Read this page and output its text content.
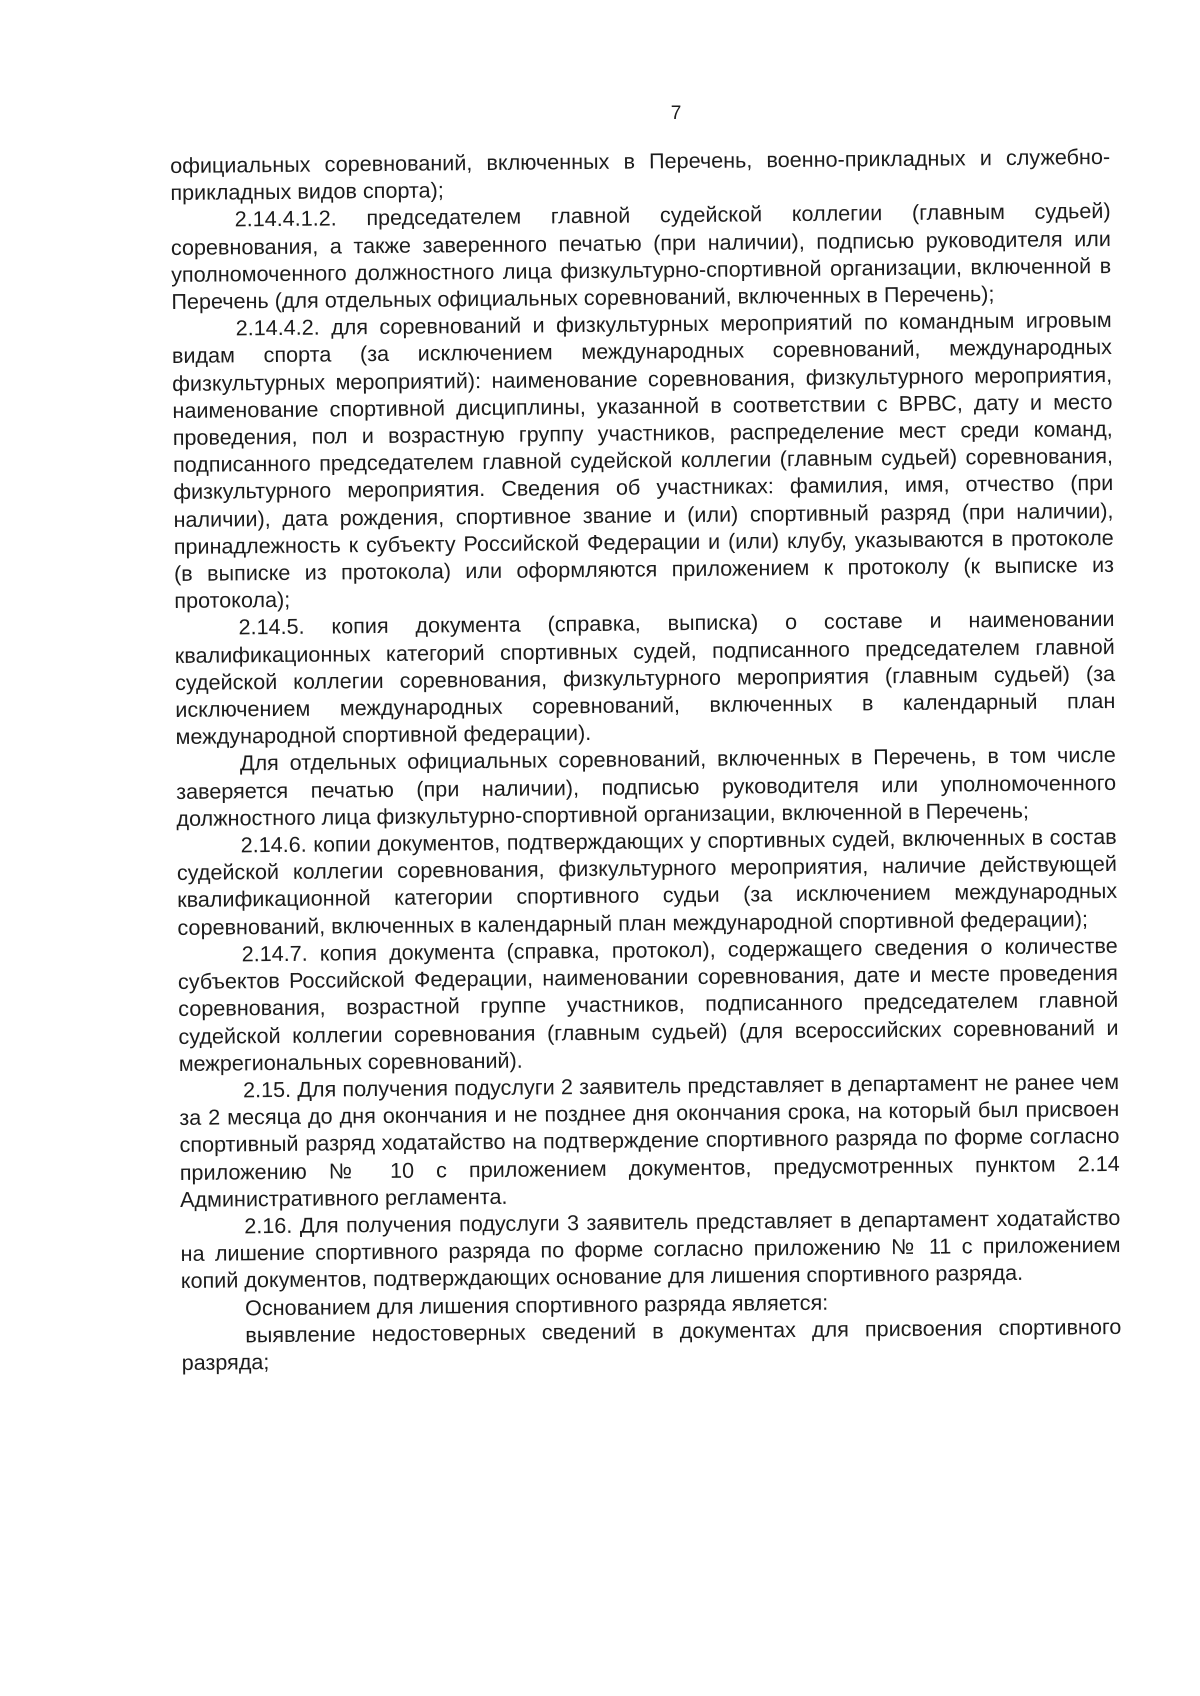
7

официальных соревнований, включенных в Перечень, военно-прикладных и служебно-прикладных видов спорта);

2.14.4.1.2. председателем главной судейской коллегии (главным судьей) соревнования, а также заверенного печатью (при наличии), подписью руководителя или уполномоченного должностного лица физкультурно-спортивной организации, включенной в Перечень (для отдельных официальных соревнований, включенных в Перечень);

2.14.4.2. для соревнований и физкультурных мероприятий по командным игровым видам спорта (за исключением международных соревнований, международных физкультурных мероприятий): наименование соревнования, физкультурного мероприятия, наименование спортивной дисциплины, указанной в соответствии с ВРВС, дату и место проведения, пол и возрастную группу участников, распределение мест среди команд, подписанного председателем главной судейской коллегии (главным судьей) соревнования, физкультурного мероприятия. Сведения об участниках: фамилия, имя, отчество (при наличии), дата рождения, спортивное звание и (или) спортивный разряд (при наличии), принадлежность к субъекту Российской Федерации и (или) клубу, указываются в протоколе (в выписке из протокола) или оформляются приложением к протоколу (к выписке из протокола);

2.14.5. копия документа (справка, выписка) о составе и наименовании квалификационных категорий спортивных судей, подписанного председателем главной судейской коллегии соревнования, физкультурного мероприятия (главным судьей) (за исключением международных соревнований, включенных в календарный план международной спортивной федерации).

Для отдельных официальных соревнований, включенных в Перечень, в том числе заверяется печатью (при наличии), подписью руководителя или уполномоченного должностного лица физкультурно-спортивной организации, включенной в Перечень;

2.14.6. копии документов, подтверждающих у спортивных судей, включенных в состав судейской коллегии соревнования, физкультурного мероприятия, наличие действующей квалификационной категории спортивного судьи (за исключением международных соревнований, включенных в календарный план международной спортивной федерации);

2.14.7. копия документа (справка, протокол), содержащего сведения о количестве субъектов Российской Федерации, наименовании соревнования, дате и месте проведения соревнования, возрастной группе участников, подписанного председателем главной судейской коллегии соревнования (главным судьей) (для всероссийских соревнований и межрегиональных соревнований).

2.15. Для получения подуслуги 2 заявитель представляет в департамент не ранее чем за 2 месяца до дня окончания и не позднее дня окончания срока, на который был присвоен спортивный разряд ходатайство на подтверждение спортивного разряда по форме согласно приложению № 10 с приложением документов, предусмотренных пунктом 2.14 Административного регламента.

2.16. Для получения подуслуги 3 заявитель представляет в департамент ходатайство на лишение спортивного разряда по форме согласно приложению № 11 с приложением копий документов, подтверждающих основание для лишения спортивного разряда.

Основанием для лишения спортивного разряда является:

выявление недостоверных сведений в документах для присвоения спортивного разряда;
